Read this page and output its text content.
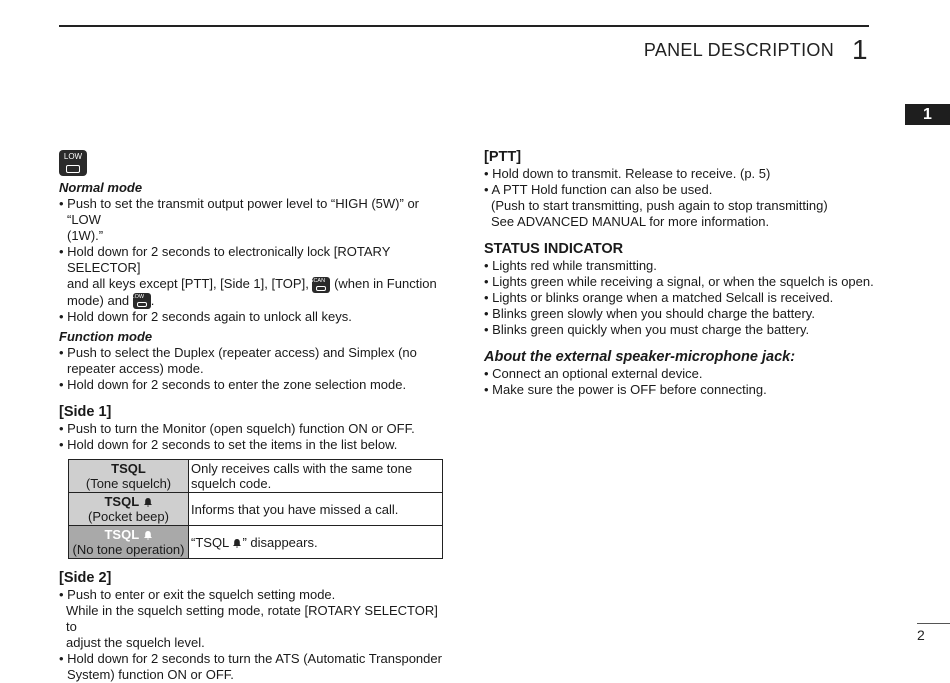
PANEL DESCRIPTION 1
1
LOW
Normal mode
• Push to set the transmit output power level to “HIGH (5W)” or “LOW
(1W).”
• Hold down for 2 seconds to electronically lock [ROTARY SELECTOR]
and all keys except [PTT], [Side 1], [TOP], SCAN (when in Function
mode) and LOW .
• Hold down for 2 seconds again to unlock all keys.
Function mode
• Push to select the Duplex (repeater access) and Simplex (no
repeater access) mode.
• Hold down for 2 seconds to enter the zone selection mode.
[Side 1]
• Push to turn the Monitor (open squelch) function ON or OFF.
• Hold down for 2 seconds to set the items in the list below.
TSQL
(Tone squelch)	Only receives calls with the same tone squelch code.

TSQL
(Pocket beep)	Informs that you have missed a call.

TSQL
(No tone operation)	“TSQL ” disappears.
[Side 2]
• Push to enter or exit the squelch setting mode.
While in the squelch setting mode, rotate [ROTARY SELECTOR] to
adjust the squelch level.
• Hold down for 2 seconds to turn the ATS (Automatic Transponder
System) function ON or OFF.
[PTT]
• Hold down to transmit. Release to receive. (p. 5)
• A PTT Hold function can also be used.
(Push to start transmitting, push again to stop transmitting)
See ADVANCED MANUAL for more information.
STATUS INDICATOR
• Lights red while transmitting.
• Lights green while receiving a signal, or when the squelch is open.
• Lights or blinks orange when a matched Selcall is received.
• Blinks green slowly when you should charge the battery.
• Blinks green quickly when you must charge the battery.
About the external speaker-microphone jack:
• Connect an optional external device.
• Make sure the power is OFF before connecting.
2
